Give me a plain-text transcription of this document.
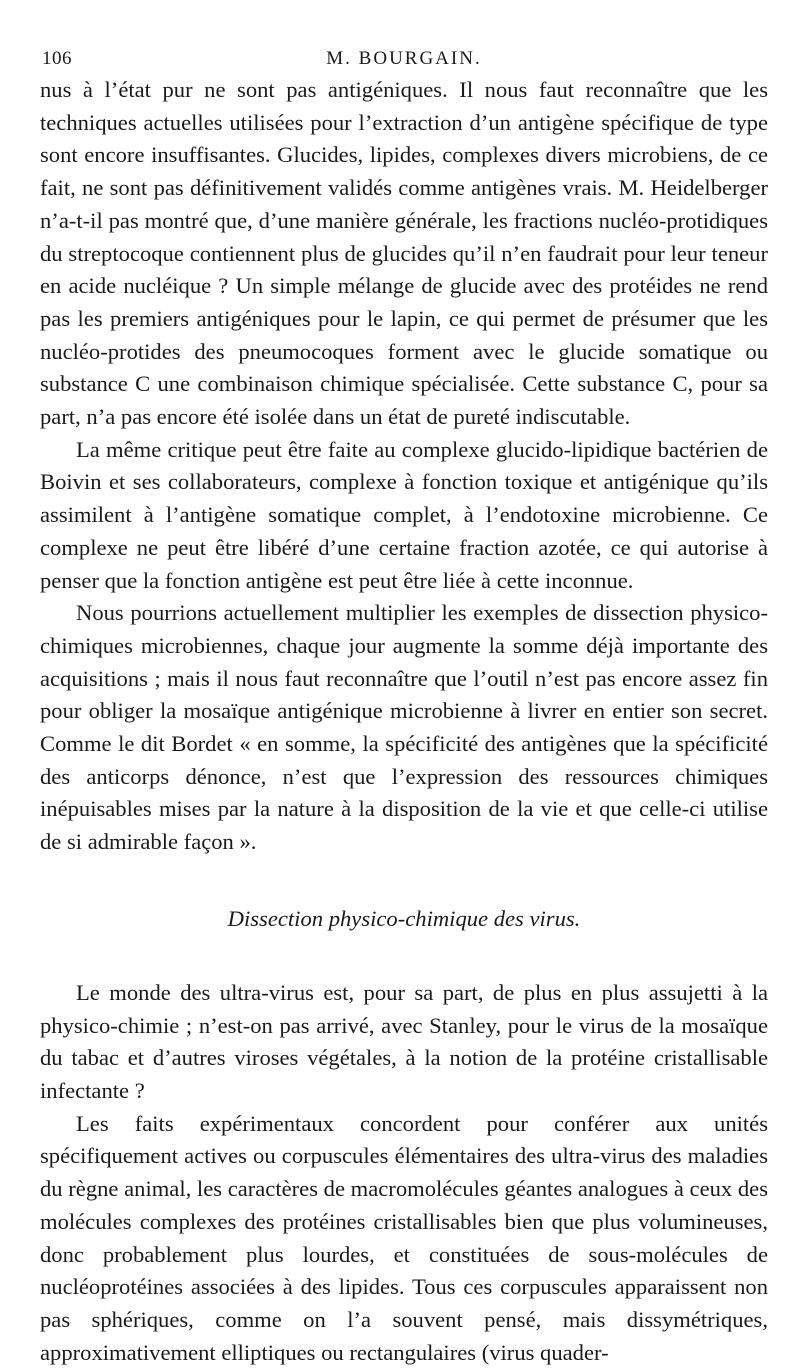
106	M. BOURGAIN.

nus à l’état pur ne sont pas antigéniques. Il nous faut reconnaître que les techniques actuelles utilisées pour l’extraction d’un antigène spécifique de type sont encore insuffisantes. Glucides, lipides, complexes divers microbiens, de ce fait, ne sont pas définitivement validés comme antigènes vrais. M. Heidelberger n’a-t-il pas montré que, d’une manière générale, les fractions nucléo-protidiques du streptocoque contiennent plus de glucides qu’il n’en faudrait pour leur teneur en acide nucléique ? Un simple mélange de glucide avec des protéides ne rend pas les premiers antigéniques pour le lapin, ce qui permet de présumer que les nucléo-protides des pneumocoques forment avec le glucide somatique ou substance C une combinaison chimique spécialisée. Cette substance C, pour sa part, n’a pas encore été isolée dans un état de pureté indiscutable.

La même critique peut être faite au complexe glucido-lipidique bactérien de Boivin et ses collaborateurs, complexe à fonction toxique et antigénique qu’ils assimilent à l’antigène somatique complet, à l’endotoxine microbienne. Ce complexe ne peut être libéré d’une certaine fraction azotée, ce qui autorise à penser que la fonction antigène est peut être liée à cette inconnue.

Nous pourrions actuellement multiplier les exemples de dissection physico-chimiques microbiennes, chaque jour augmente la somme déjà importante des acquisitions ; mais il nous faut reconnaître que l’outil n’est pas encore assez fin pour obliger la mosaïque antigénique microbienne à livrer en entier son secret. Comme le dit Bordet « en somme, la spécificité des antigènes que la spécificité des anticorps dénonce, n’est que l’expression des ressources chimiques inépuisables mises par la nature à la disposition de la vie et que celle-ci utilise de si admirable façon ».

Dissection physico-chimique des virus.

Le monde des ultra-virus est, pour sa part, de plus en plus assujetti à la physico-chimie ; n’est-on pas arrivé, avec Stanley, pour le virus de la mosaïque du tabac et d’autres viroses végétales, à la notion de la protéine cristallisable infectante ?

Les faits expérimentaux concordent pour conférer aux unités spécifiquement actives ou corpuscules élémentaires des ultra-virus des maladies du règne animal, les caractères de macromolécules géantes analogues à ceux des molécules complexes des protéines cristallisables bien que plus volumineuses, donc probablement plus lourdes, et constituées de sous-molécules de nucléoprotéines associées à des lipides. Tous ces corpuscules apparaissent non pas sphériques, comme on l’a souvent pensé, mais dissymétriques, approximativement elliptiques ou rectangulaires (virus quader-
